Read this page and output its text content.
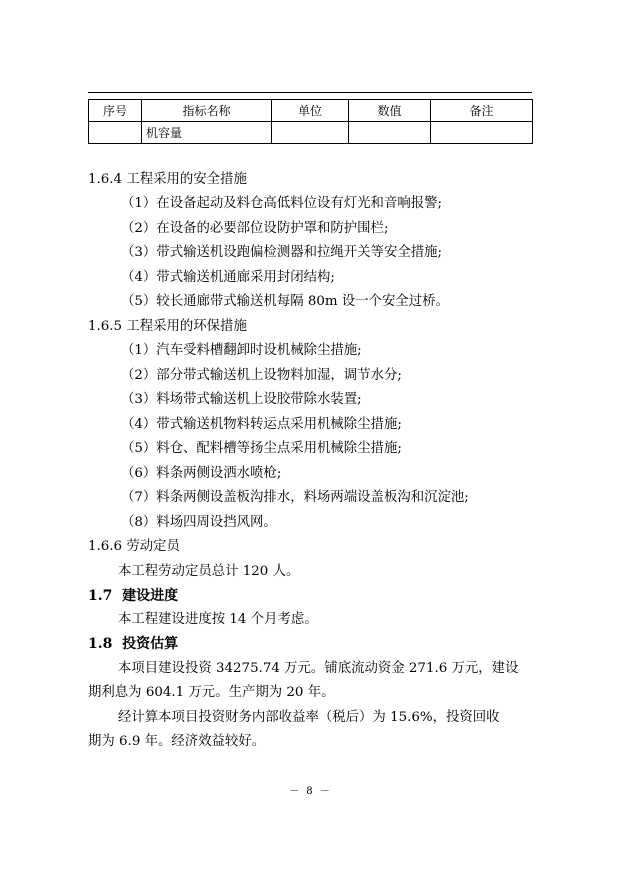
序号	指标名称	单位	数值	备注
	机容量			
1.6.4 工程采用的安全措施
（1）在设备起动及料仓高低料位设有灯光和音响报警;
（2）在设备的必要部位设防护罩和防护围栏;
（3）带式输送机设跑偏检测器和拉绳开关等安全措施;
（4）带式输送机通廊采用封闭结构;
（5）较长通廊带式输送机每隔 80m 设一个安全过桥。
1.6.5 工程采用的环保措施
（1）汽车受料槽翻卸时设机械除尘措施;
（2）部分带式输送机上设物料加湿，调节水分;
（3）料场带式输送机上设胶带除水装置;
（4）带式输送机物料转运点采用机械除尘措施;
（5）料仓、配料槽等扬尘点采用机械除尘措施;
（6）料条两侧设洒水喷枪;
（7）料条两侧设盖板沟排水，料场两端设盖板沟和沉淀池;
（8）料场四周设挡风网。
1.6.6 劳动定员
本工程劳动定员总计 120 人。
1.7 建设进度
本工程建设进度按 14 个月考虑。
1.8 投资估算
本项目建设投资 34275.74 万元。铺底流动资金 271.6 万元，建设
期利息为 604.1 万元。生产期为 20 年。
经计算本项目投资财务内部收益率（税后）为 15.6%，投资回收
期为 6.9 年。经济效益较好。
－ 8 －
